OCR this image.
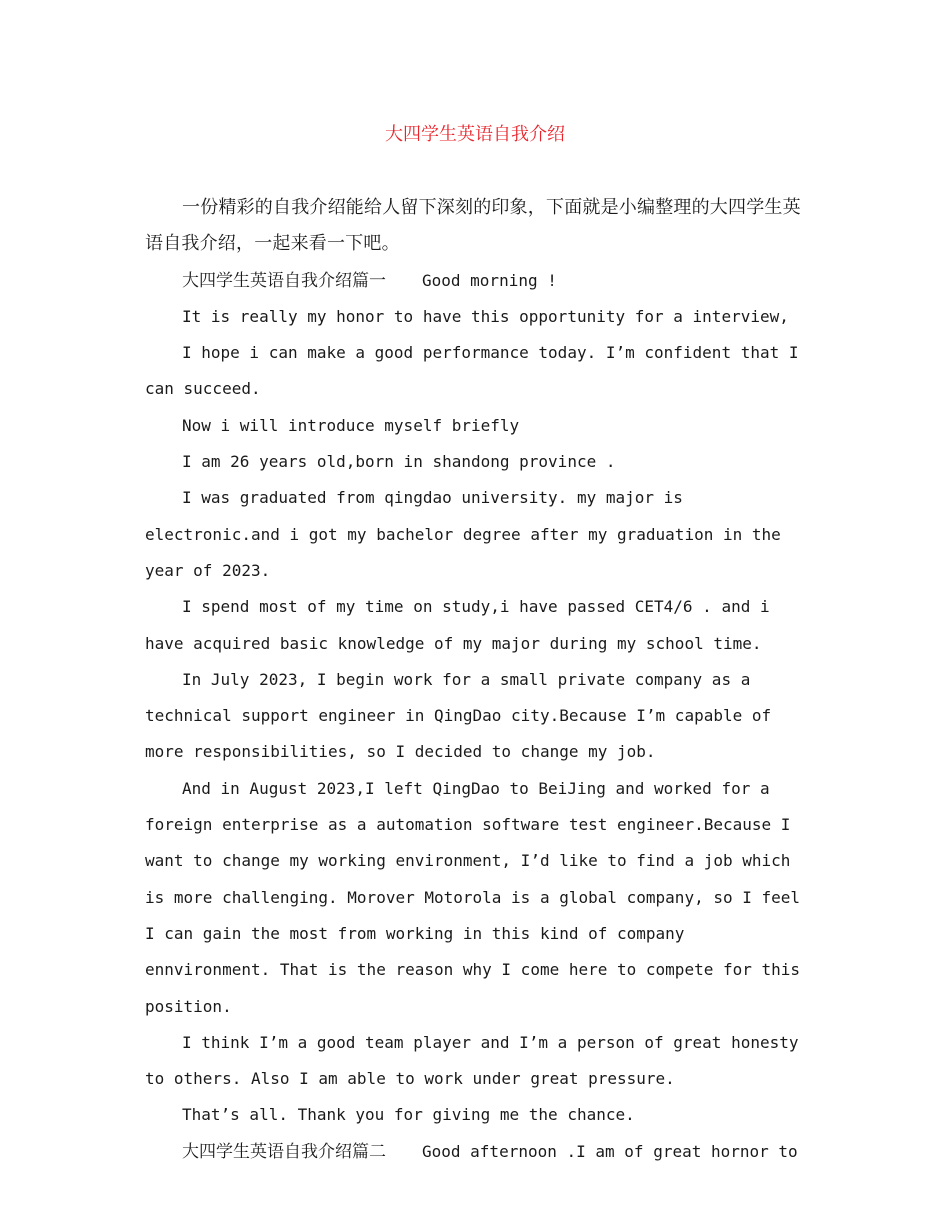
大四学生英语自我介绍

一份精彩的自我介绍能给人留下深刻的印象，下面就是小编整理的大四学生英语自我介绍，一起来看一下吧。

大四学生英语自我介绍篇一 Good morning !

It is really my honor to have this opportunity for a interview,

I hope i can make a good performance today. I’m confident that I can succeed.

Now i will introduce myself briefly

I am 26 years old,born in shandong province .

I was graduated from qingdao university. my major is electronic.and i got my bachelor degree after my graduation in the year of 2023.

I spend most of my time on study,i have passed CET4/6 . and i have acquired basic knowledge of my major during my school time.

In July 2023, I begin work for a small private company as a technical support engineer in QingDao city.Because I’m capable of more responsibilities, so I decided to change my job.

And in August 2023,I left QingDao to BeiJing and worked for a foreign enterprise as a automation software test engineer.Because I want to change my working environment, I’d like to find a job which is more challenging. Morover Motorola is a global company, so I feel I can gain the most from working in this kind of company ennvironment. That is the reason why I come here to compete for this position.

I think I’m a good team player and I’m a person of great honesty to others. Also I am able to work under great pressure.

That’s all. Thank you for giving me the chance.

大四学生英语自我介绍篇二 Good afternoon .I am of great hornor to
